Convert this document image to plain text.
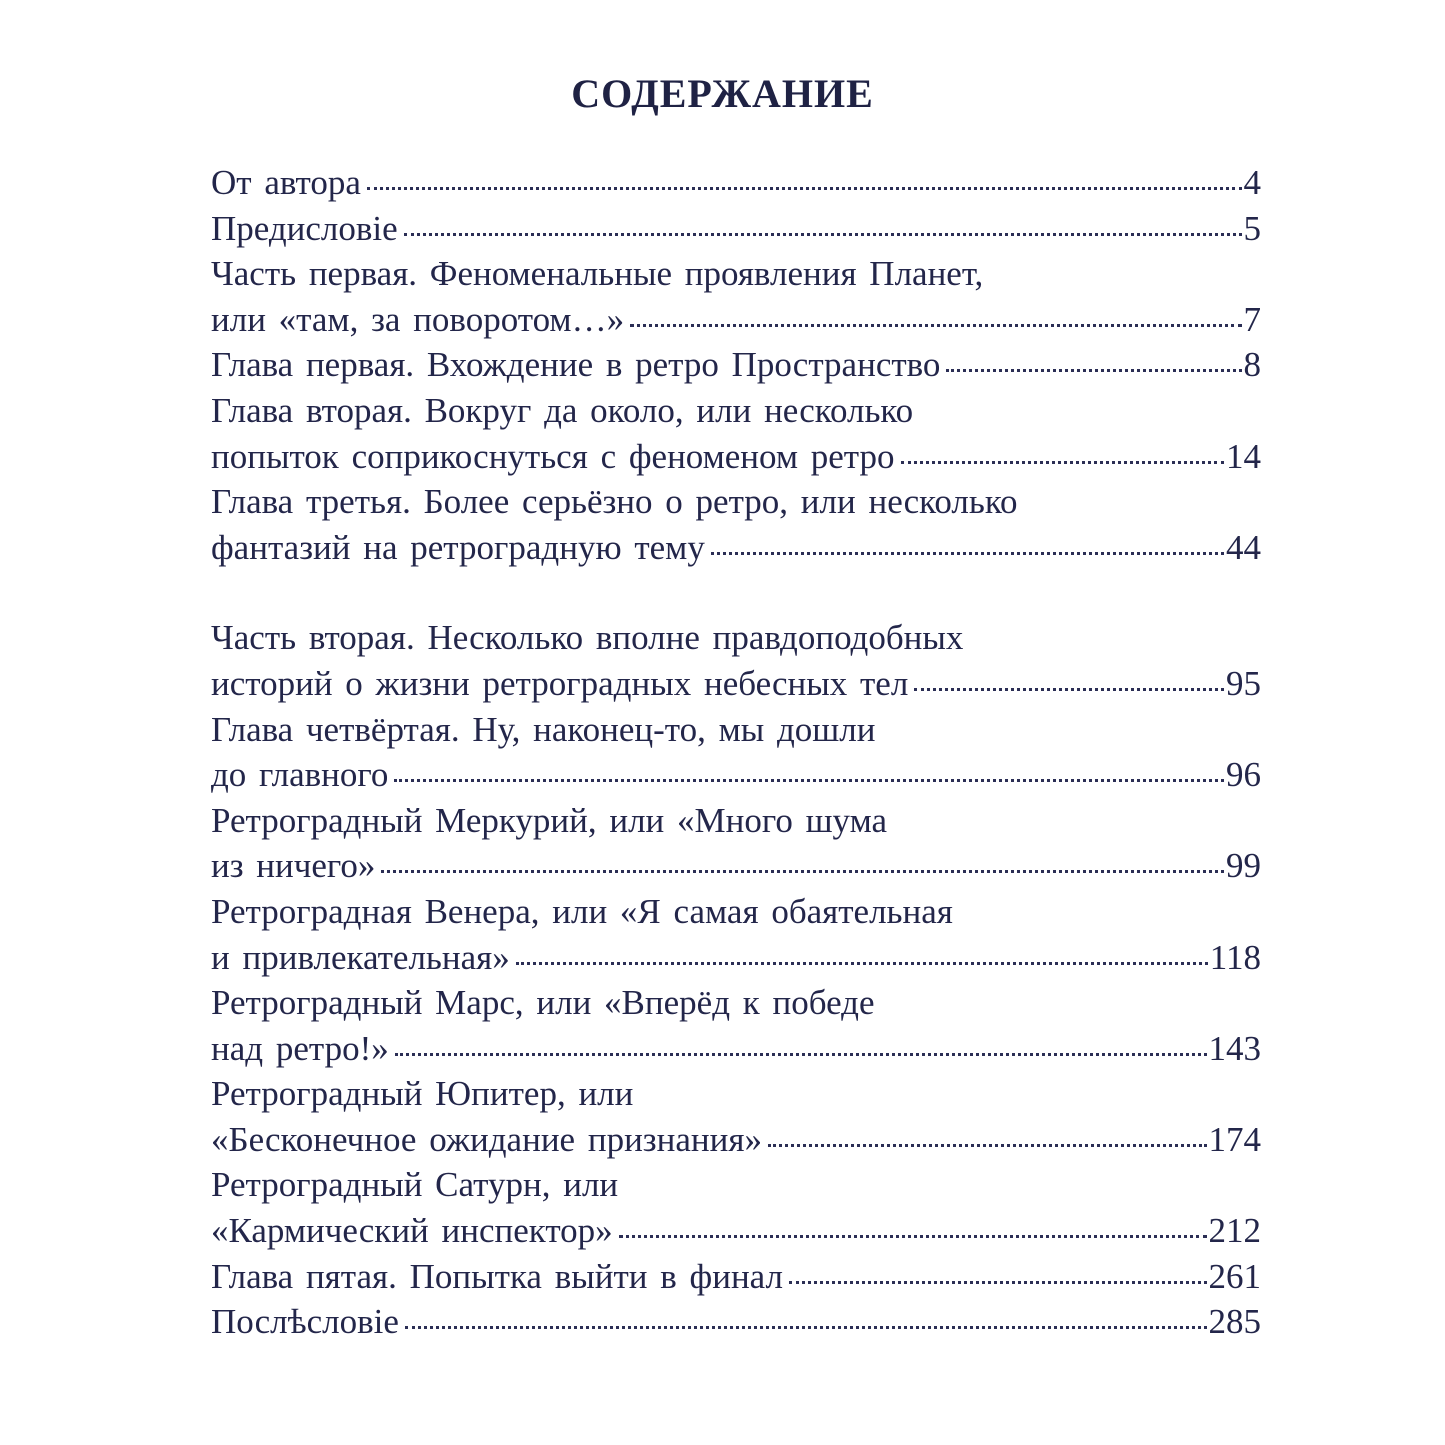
СОДЕРЖАНИЕ
От автора	4
Предисловiе	5
Часть первая. Феноменальные проявления Планет,
или «там, за поворотом…»	7
Глава первая. Вхождение в ретро Пространство	8
Глава вторая. Вокруг да около, или несколько
попыток соприкоснуться с феноменом ретро	14
Глава третья. Более серьёзно о ретро, или несколько
фантазий на ретроградную тему	44
Часть вторая. Несколько вполне правдоподобных
историй о жизни ретроградных небесных тел	95
Глава четвёртая. Ну, наконец-то, мы дошли
до главного	96
Ретроградный Меркурий, или «Много шума
из ничего»	99
Ретроградная Венера, или «Я самая обаятельная
и привлекательная»	118
Ретроградный Марс, или «Вперёд к победе
над ретро!»	143
Ретроградный Юпитер, или
«Бесконечное ожидание признания»	174
Ретроградный Сатурн, или
«Кармический инспектор»	212
Глава пятая. Попытка выйти в финал	261
Послѣсловiе	285
